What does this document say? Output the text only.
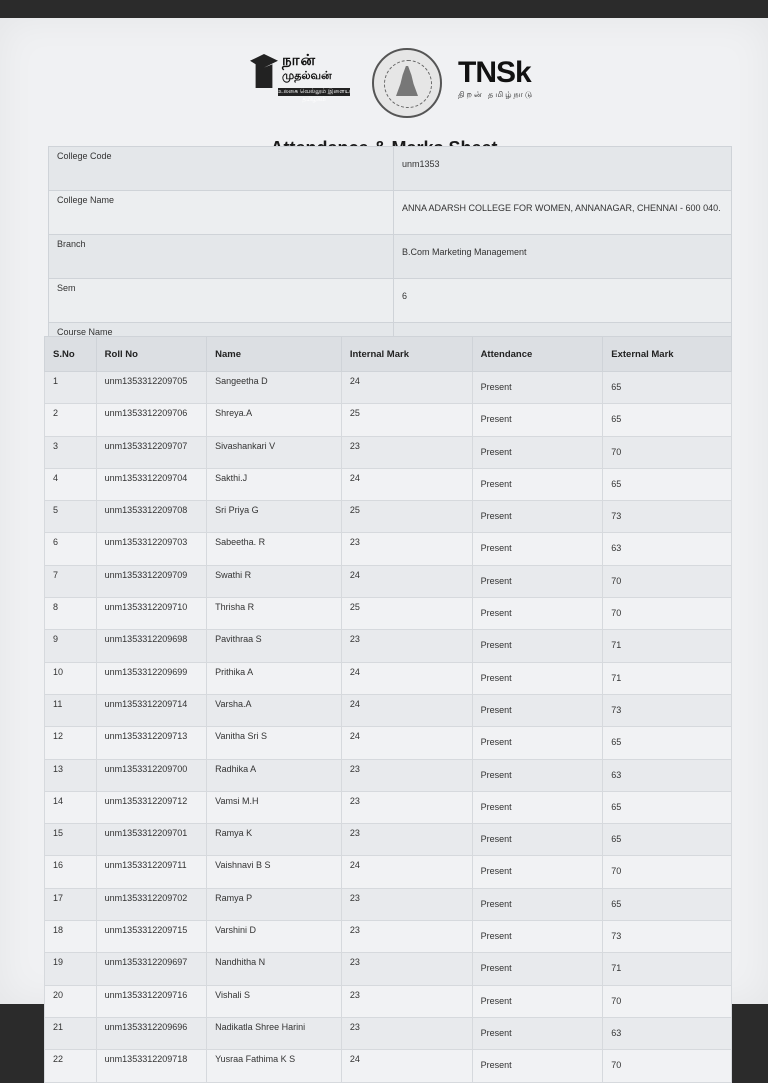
நான்
முதல்வன்
உலகை வெல்லும் இளைய தமிழகம்
TNSk
திறன் தமிழ்நாடு
College Code	unm1353
College Name	ANNA ADARSH COLLEGE FOR WOMEN, ANNANAGAR, CHENNAI - 600 040.
Branch	B.Com Marketing Management
Sem	6
Course Name	

S.No	Roll No	Name	Internal Mark	Attendance	External Mark
1	unm1353312209705	Sangeetha D	24	Present	65
2	unm1353312209706	Shreya.A	25	Present	65
3	unm1353312209707	Sivashankari V	23	Present	70
4	unm1353312209704	Sakthi.J	24	Present	65
5	unm1353312209708	Sri Priya G	25	Present	73
6	unm1353312209703	Sabeetha. R	23	Present	63
7	unm1353312209709	Swathi R	24	Present	70
8	unm1353312209710	Thrisha R	25	Present	70
9	unm1353312209698	Pavithraa S	23	Present	71
10	unm1353312209699	Prithika A	24	Present	71
11	unm1353312209714	Varsha.A	24	Present	73
12	unm1353312209713	Vanitha Sri S	24	Present	65
13	unm1353312209700	Radhika A	23	Present	63
14	unm1353312209712	Vamsi M.H	23	Present	65
15	unm1353312209701	Ramya K	23	Present	65
16	unm1353312209711	Vaishnavi B S	24	Present	70
17	unm1353312209702	Ramya P	23	Present	65
18	unm1353312209715	Varshini D	23	Present	73
19	unm1353312209697	Nandhitha N	23	Present	71
20	unm1353312209716	Vishali S	23	Present	70
21	unm1353312209696	Nadikatla Shree Harini	23	Present	63
22	unm1353312209718	Yusraa Fathima K S	24	Present	70
